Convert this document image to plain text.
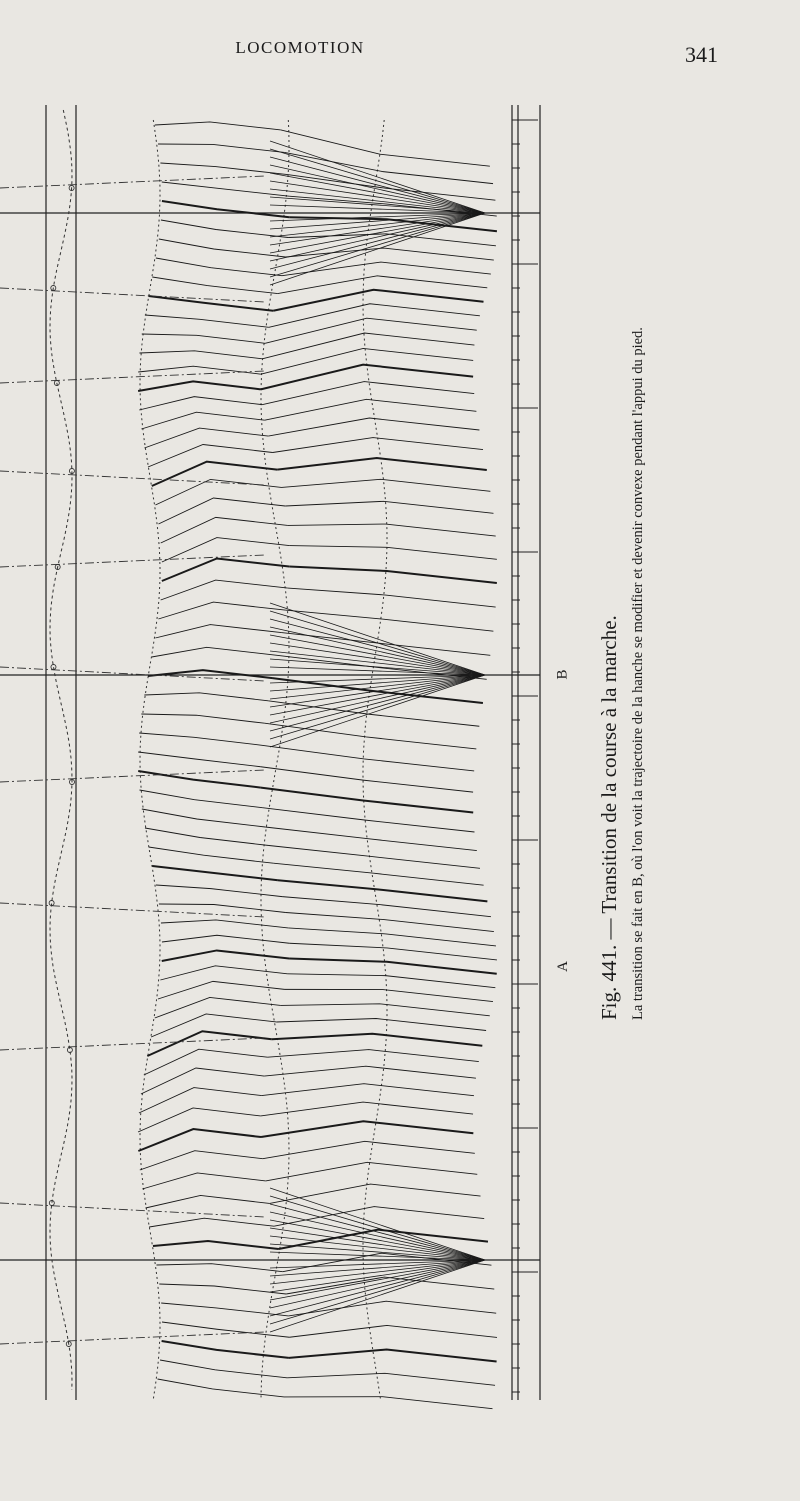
LOCOMOTION	341
A
B Fig. 441. — Transition de la course à la marche. La transition se fait en B, où l'on voit la trajectoire de la hanche se modifier et devenir convexe pendant l'appui du pied.
